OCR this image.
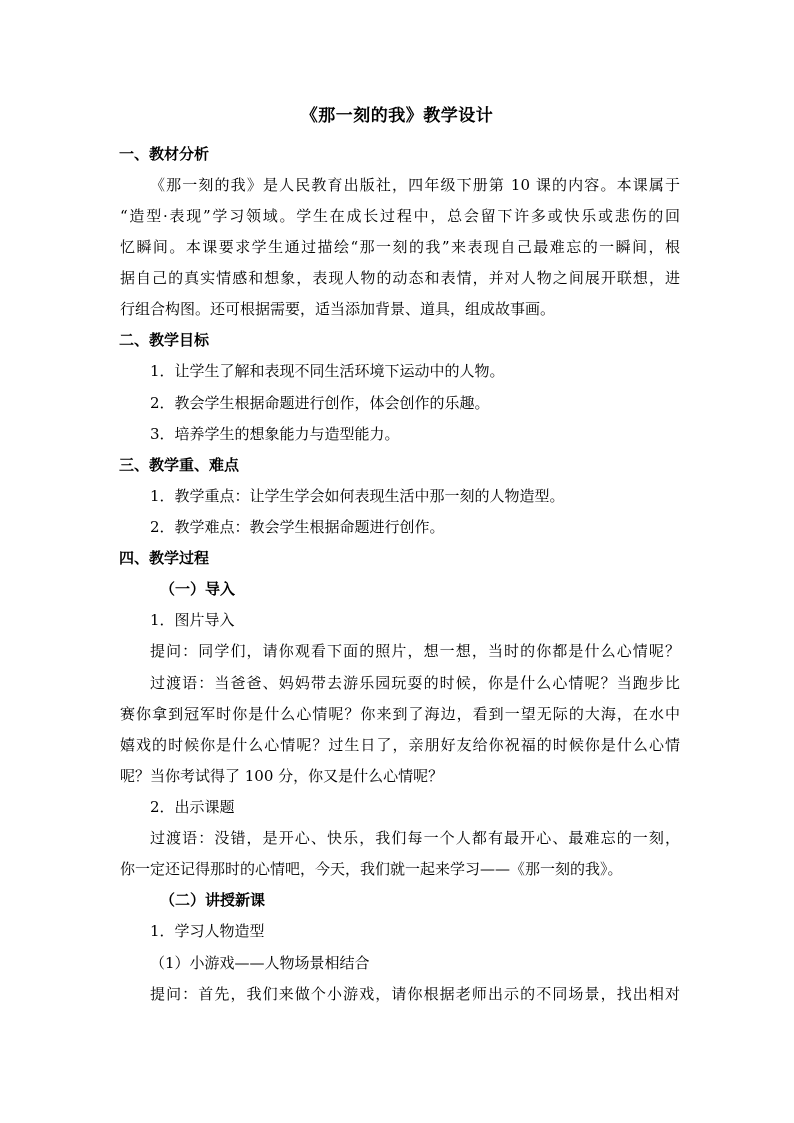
《那一刻的我》教学设计
一、教材分析
《那一刻的我》是人民教育出版社，四年级下册第 10 课的内容。本课属于
“造型·表现”学习领域。学生在成长过程中，总会留下许多或快乐或悲伤的回
忆瞬间。本课要求学生通过描绘“那一刻的我”来表现自己最难忘的一瞬间，根
据自己的真实情感和想象，表现人物的动态和表情，并对人物之间展开联想，进
行组合构图。还可根据需要，适当添加背景、道具，组成故事画。
二、教学目标
1．让学生了解和表现不同生活环境下运动中的人物。
2．教会学生根据命题进行创作，体会创作的乐趣。
3．培养学生的想象能力与造型能力。
三、教学重、难点
1．教学重点：让学生学会如何表现生活中那一刻的人物造型。
2．教学难点：教会学生根据命题进行创作。
四、教学过程
（一）导入
1．图片导入
提问：同学们，请你观看下面的照片，想一想，当时的你都是什么心情呢？
过渡语：当爸爸、妈妈带去游乐园玩耍的时候，你是什么心情呢？当跑步比
赛你拿到冠军时你是什么心情呢？你来到了海边，看到一望无际的大海，在水中
嬉戏的时候你是什么心情呢？过生日了，亲朋好友给你祝福的时候你是什么心情
呢？当你考试得了 100 分，你又是什么心情呢？
2．出示课题
过渡语：没错，是开心、快乐，我们每一个人都有最开心、最难忘的一刻，
你一定还记得那时的心情吧，今天，我们就一起来学习——《那一刻的我》。
（二）讲授新课
1．学习人物造型
（1）小游戏——人物场景相结合
提问：首先，我们来做个小游戏，请你根据老师出示的不同场景，找出相对
